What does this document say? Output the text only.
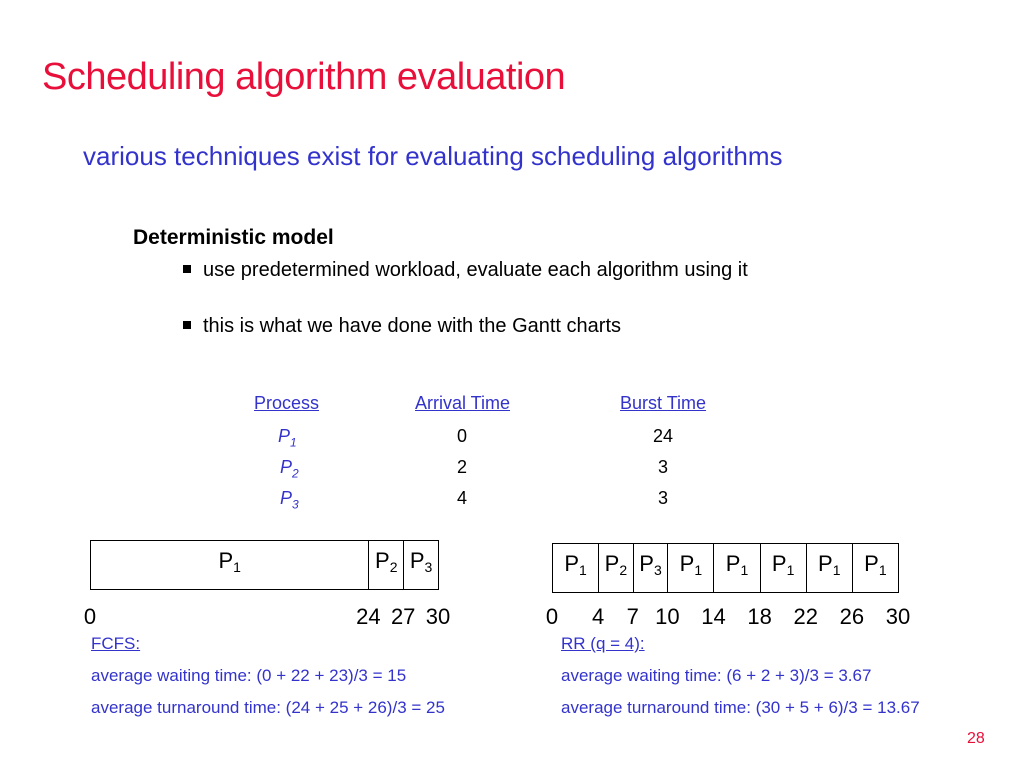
Scheduling algorithm evaluation
various techniques exist for evaluating scheduling algorithms
Deterministic model
use predetermined workload, evaluate each algorithm using it
this is what we have done with the Gantt charts
Process	Arrival Time	Burst Time
$P_1$	0	24
$P_2$	2	3
$P_3$	4	3
$P_1$	$P_2$ $P_3$
0	24 27 30
$P_1$ $P_2$ $P_3$ $P_1$ $P_1$ $P_1$ $P_1$ $P_1$
0 4 7 10 14 18 22 26 30
FCFS:
average waiting time: (0 + 22 + 23)/3 = 15
average turnaround time: (24 + 25 + 26)/3 = 25
RR (q = 4):
average waiting time: (6 + 2 + 3)/3 = 3.67
average turnaround time: (30 + 5 + 6)/3 = 13.67
28
